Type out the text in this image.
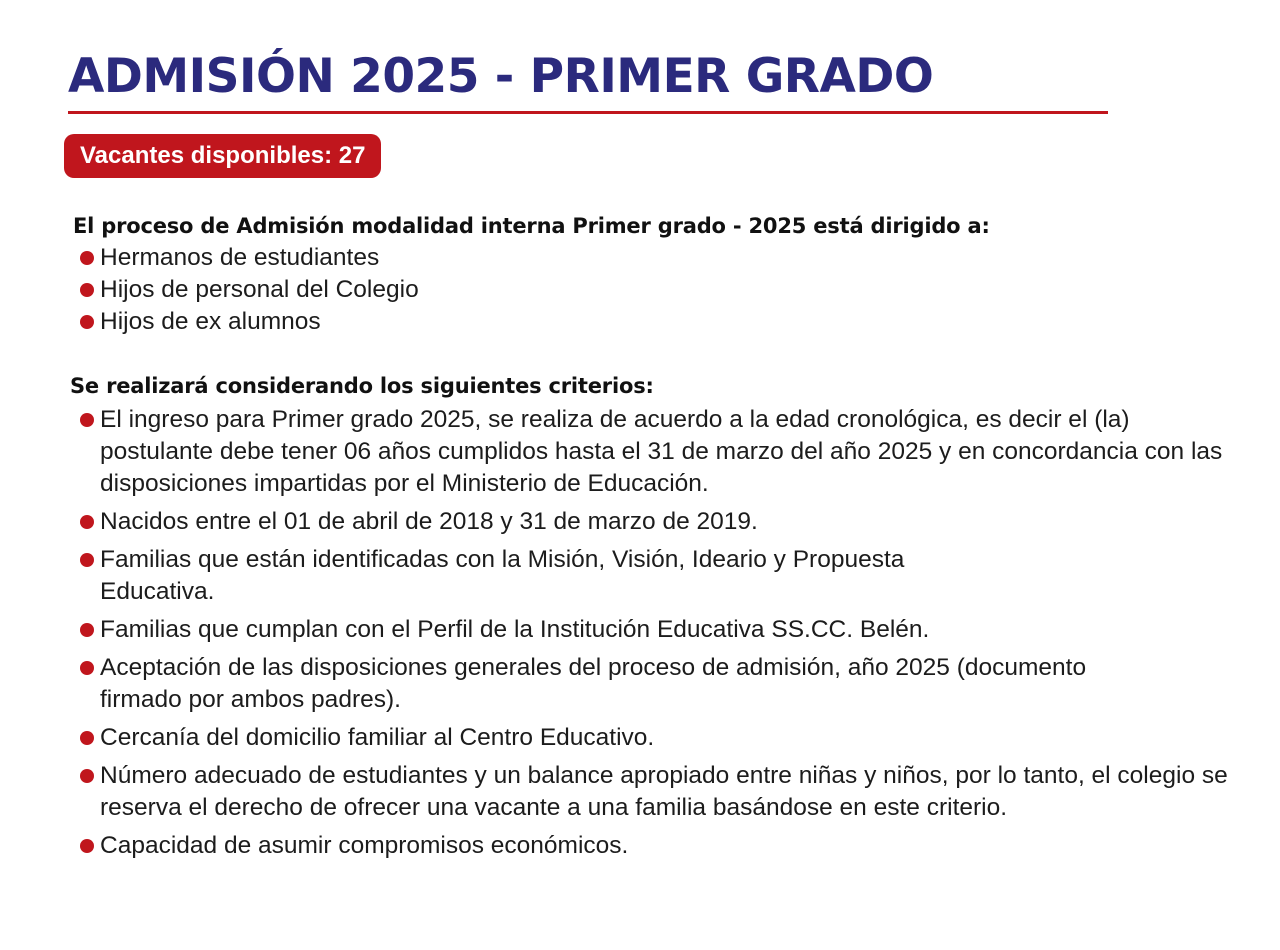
ADMISIÓN 2025 - PRIMER GRADO
Vacantes disponibles: 27
El proceso de Admisión modalidad interna Primer grado - 2025 está dirigido a:
Hermanos de estudiantes
Hijos de personal del Colegio
Hijos de ex alumnos
Se realizará considerando los siguientes criterios:
El ingreso para Primer grado 2025, se realiza de acuerdo a la edad cronológica, es decir el (la) postulante debe tener 06 años cumplidos hasta el 31 de marzo del año 2025 y en concordancia con las disposiciones impartidas por el Ministerio de Educación.
Nacidos entre el 01 de abril de 2018 y 31 de marzo de 2019.
Familias que están identificadas con la Misión, Visión, Ideario y Propuesta Educativa.
Familias que cumplan con el Perfil de la Institución Educativa SS.CC. Belén.
Aceptación de las disposiciones generales del proceso de admisión, año 2025 (documento firmado por ambos padres).
Cercanía del domicilio familiar al Centro Educativo.
Número adecuado de estudiantes y un balance apropiado entre niñas y niños, por lo tanto, el colegio se reserva el derecho de ofrecer una vacante a una familia basándose en este criterio.
Capacidad de asumir compromisos económicos.
